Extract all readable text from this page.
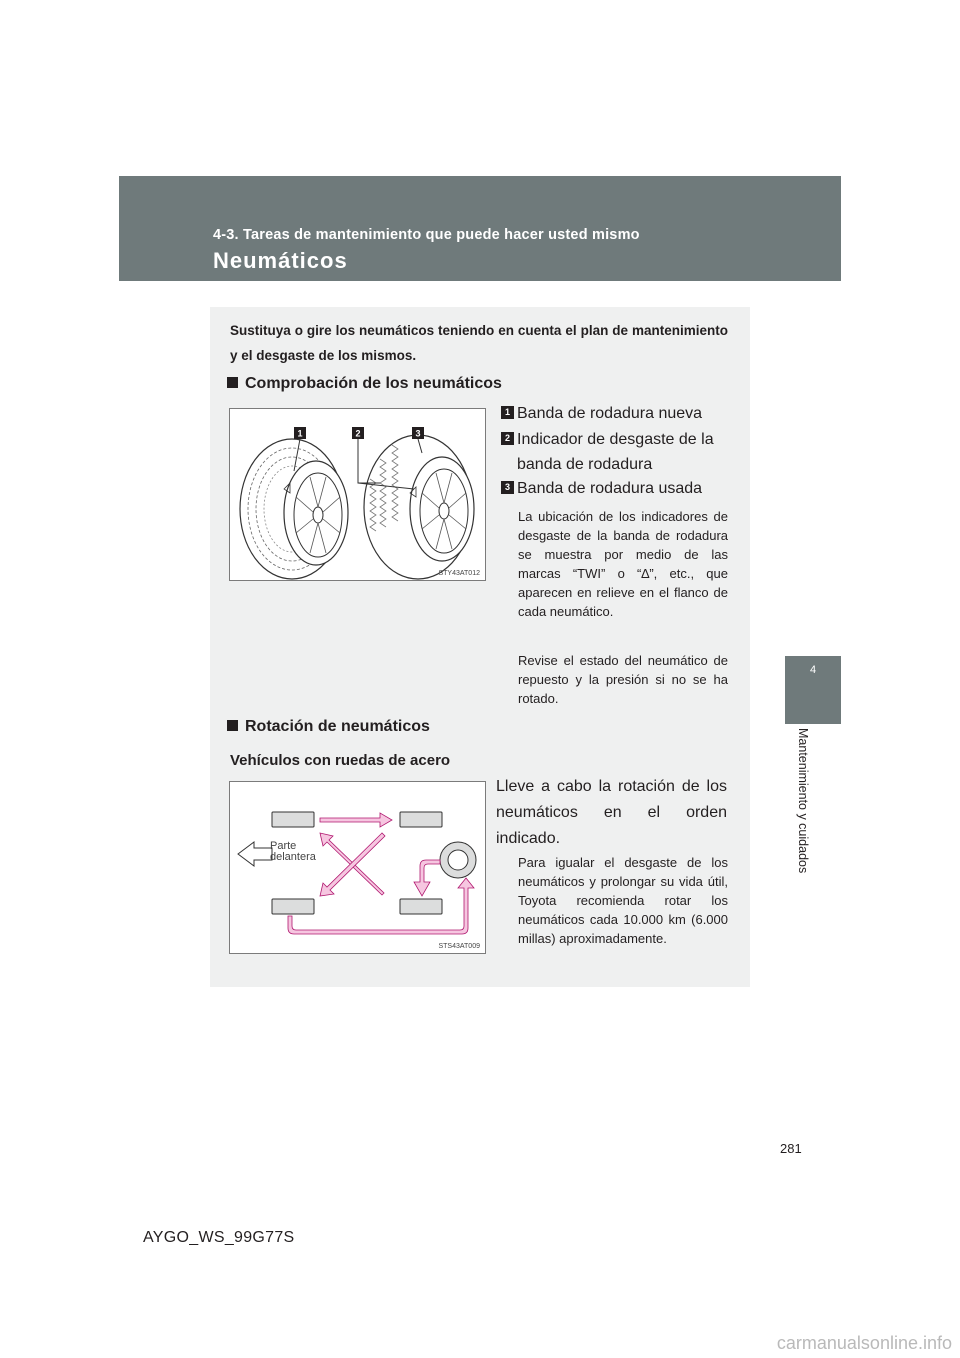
4-3. Tareas de mantenimiento que puede hacer usted mismo
Neumáticos
4
Mantenimiento y cuidados
Sustituya o gire los neumáticos teniendo en cuenta el plan de mantenimiento y el desgaste de los mismos.
Comprobación de los neumáticos
1	2	3
STY43AT012
1 Banda de rodadura nueva
2 Indicador de desgaste de la banda de rodadura
3 Banda de rodadura usada
La ubicación de los indicadores de desgaste de la banda de rodadura se muestra por medio de las marcas “TWI” o “∆”, etc., que aparecen en relieve en el flanco de cada neumático.
Revise el estado del neumático de repuesto y la presión si no se ha rotado.
Rotación de neumáticos
Vehículos con ruedas de acero
Parte
delantera
STS43AT009
Lleve a cabo la rotación de los neumáticos en el orden indicado.
Para igualar el desgaste de los neumáticos y prolongar su vida útil, Toyota recomienda rotar los neumáticos cada 10.000 km (6.000 millas) aproximadamente.
281
AYGO_WS_99G77S
carmanualsonline.info
